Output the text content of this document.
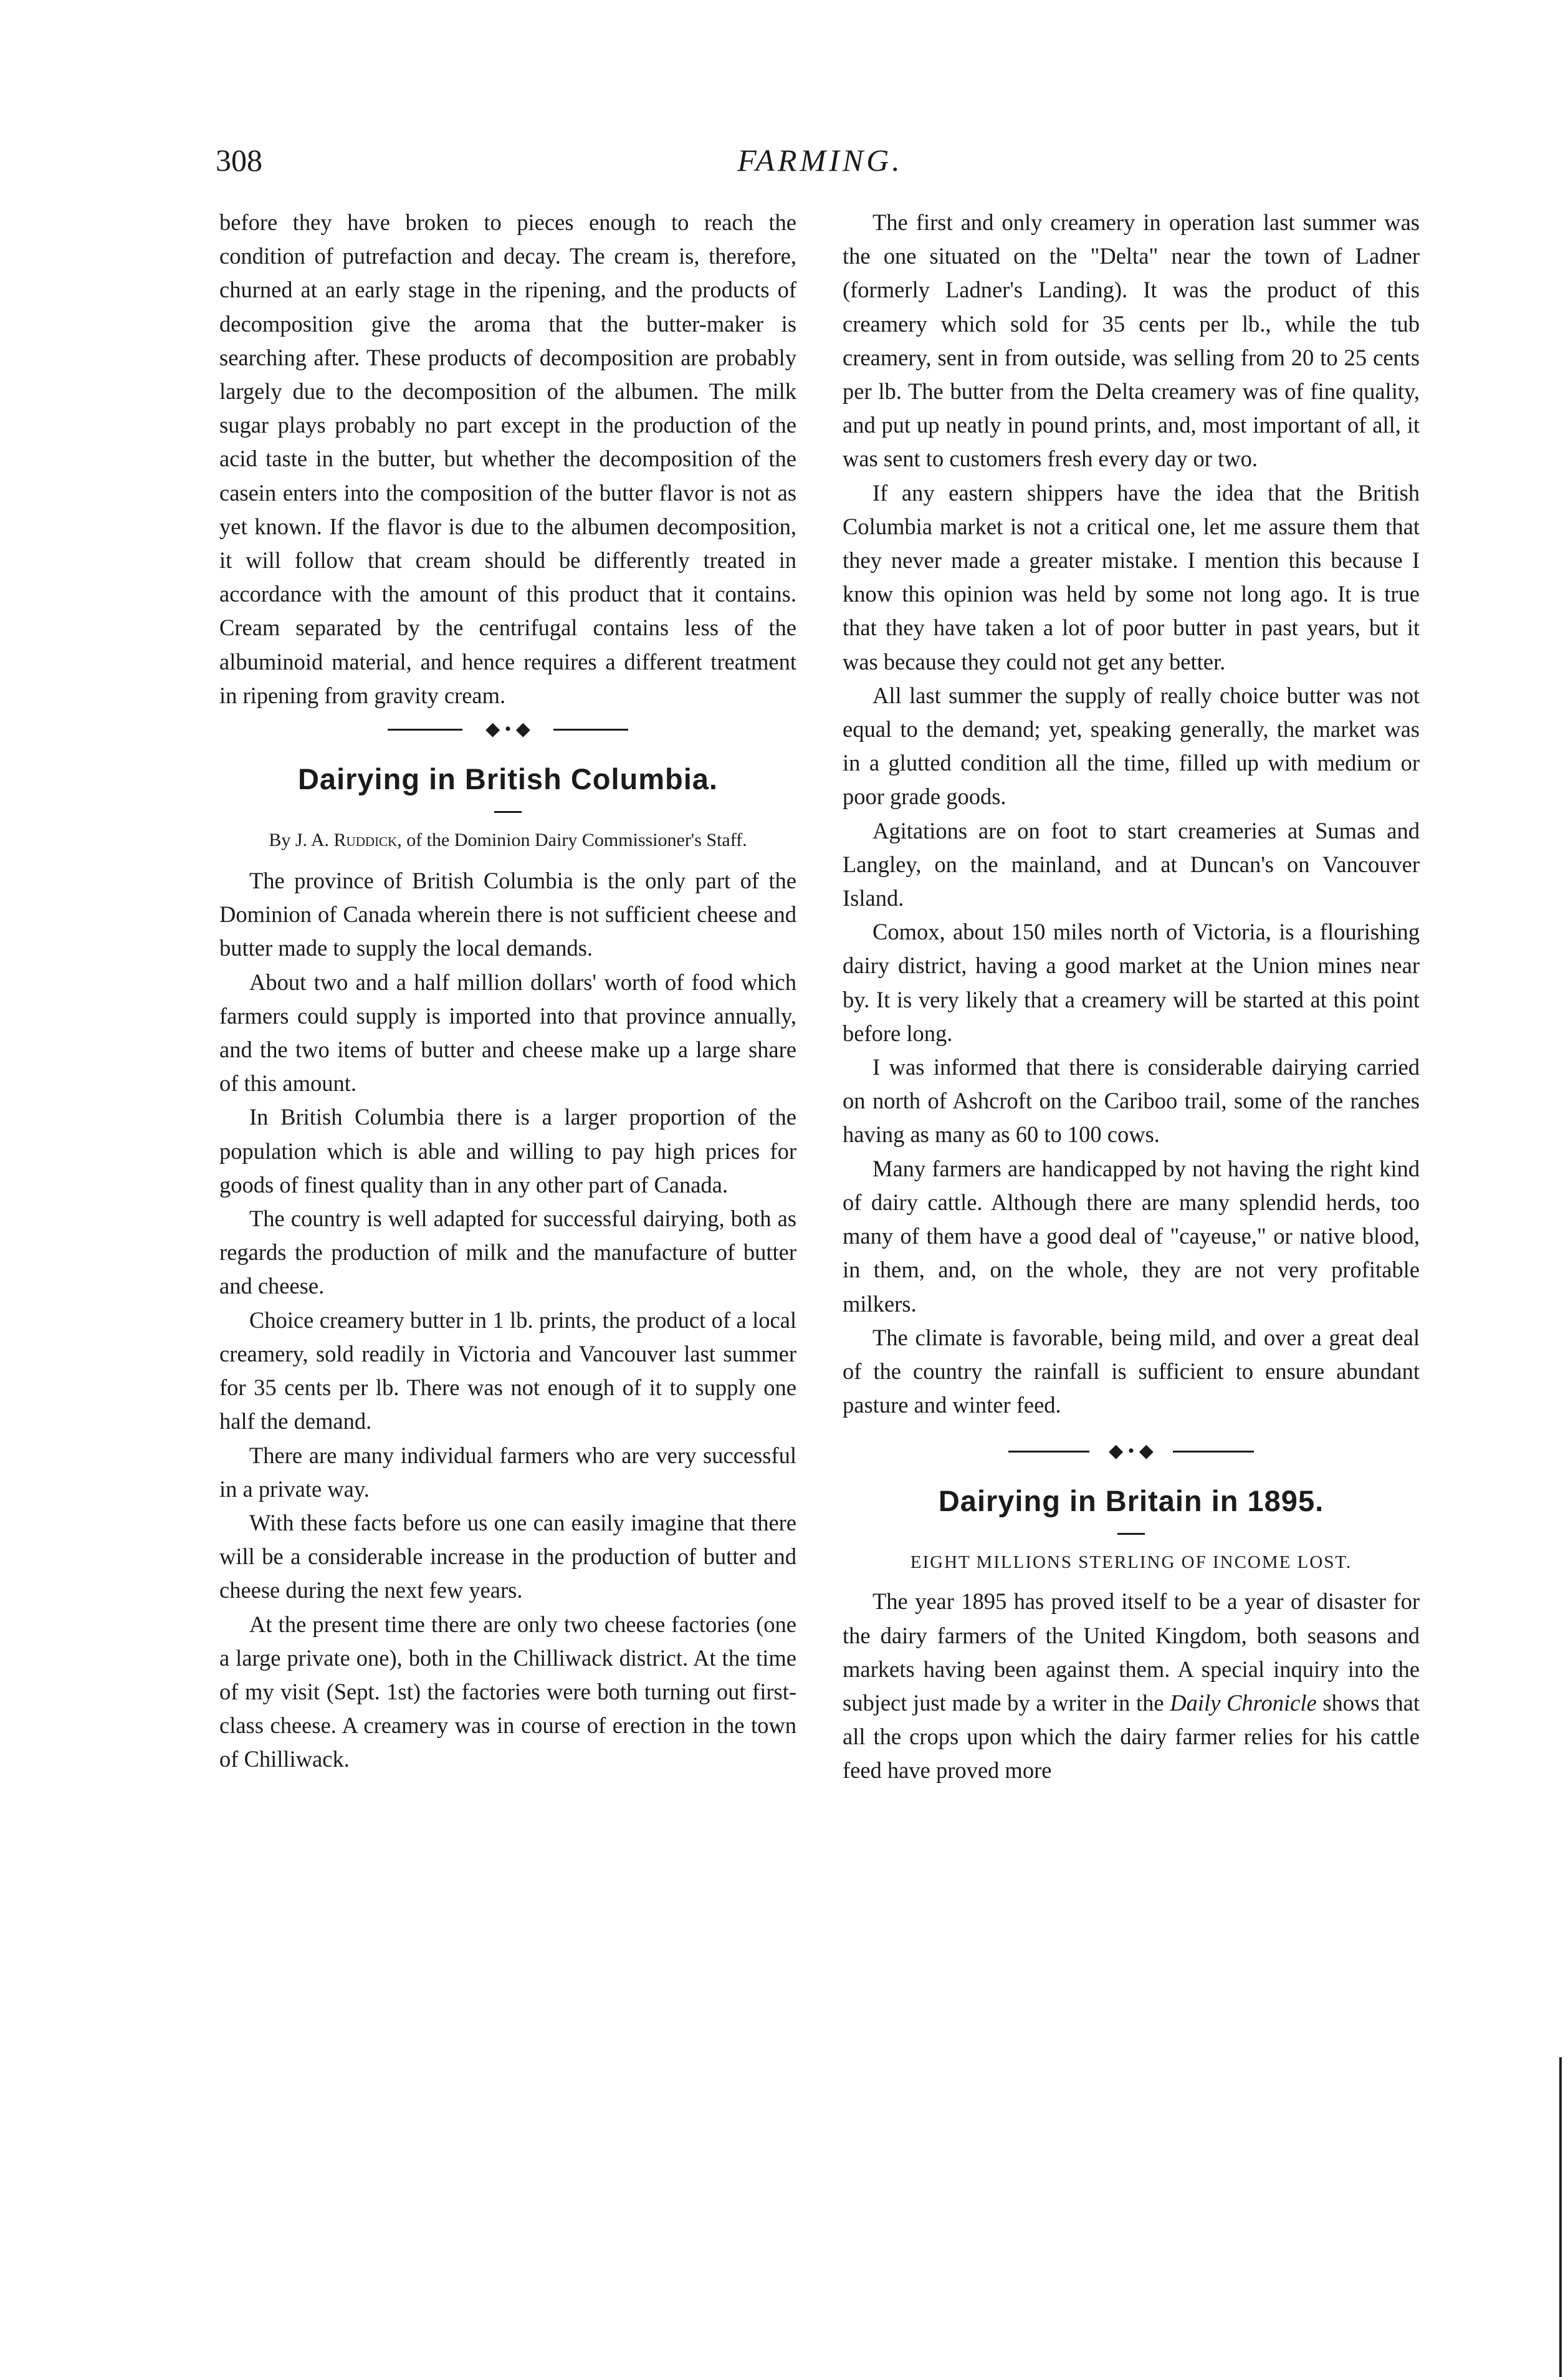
308	FARMING.

before they have broken to pieces enough to reach the condition of putrefaction and decay. The cream is, therefore, churned at an early stage in the ripening, and the products of decomposition give the aroma that the butter-maker is searching after. These products of decomposition are probably largely due to the decomposition of the albumen. The milk sugar plays probably no part except in the production of the acid taste in the butter, but whether the decomposition of the casein enters into the composition of the butter flavor is not as yet known. If the flavor is due to the albumen decomposition, it will follow that cream should be differently treated in accordance with the amount of this product that it contains. Cream separated by the centrifugal contains less of the albuminoid material, and hence requires a different treatment in ripening from gravity cream.

◆ • ◆
Dairying in British Columbia.
By J. A. Ruddick, of the Dominion Dairy Commissioner's Staff.

The province of British Columbia is the only part of the Dominion of Canada wherein there is not sufficient cheese and butter made to supply the local demands.

About two and a half million dollars' worth of food which farmers could supply is imported into that province annually, and the two items of butter and cheese make up a large share of this amount.

In British Columbia there is a larger proportion of the population which is able and willing to pay high prices for goods of finest quality than in any other part of Canada.

The country is well adapted for successful dairying, both as regards the production of milk and the manufacture of butter and cheese.

Choice creamery butter in 1 lb. prints, the product of a local creamery, sold readily in Victoria and Vancouver last summer for 35 cents per lb. There was not enough of it to supply one half the demand.

There are many individual farmers who are very successful in a private way.

With these facts before us one can easily imagine that there will be a considerable increase in the production of butter and cheese during the next few years.

At the present time there are only two cheese factories (one a large private one), both in the Chilliwack district. At the time of my visit (Sept. 1st) the factories were both turning out first-class cheese. A creamery was in course of erection in the town of Chilliwack.

The first and only creamery in operation last summer was the one situated on the "Delta" near the town of Ladner (formerly Ladner's Landing). It was the product of this creamery which sold for 35 cents per lb., while the tub creamery, sent in from outside, was selling from 20 to 25 cents per lb. The butter from the Delta creamery was of fine quality, and put up neatly in pound prints, and, most important of all, it was sent to customers fresh every day or two.

If any eastern shippers have the idea that the British Columbia market is not a critical one, let me assure them that they never made a greater mistake. I mention this because I know this opinion was held by some not long ago. It is true that they have taken a lot of poor butter in past years, but it was because they could not get any better.

All last summer the supply of really choice butter was not equal to the demand; yet, speaking generally, the market was in a glutted condition all the time, filled up with medium or poor grade goods.

Agitations are on foot to start creameries at Sumas and Langley, on the mainland, and at Duncan's on Vancouver Island.

Comox, about 150 miles north of Victoria, is a flourishing dairy district, having a good market at the Union mines near by. It is very likely that a creamery will be started at this point before long.

I was informed that there is considerable dairying carried on north of Ashcroft on the Cariboo trail, some of the ranches having as many as 60 to 100 cows.

Many farmers are handicapped by not having the right kind of dairy cattle. Although there are many splendid herds, too many of them have a good deal of "cayeuse," or native blood, in them, and, on the whole, they are not very profitable milkers.

The climate is favorable, being mild, and over a great deal of the country the rainfall is sufficient to ensure abundant pasture and winter feed.

◆ • ◆
Dairying in Britain in 1895.
EIGHT MILLIONS STERLING OF INCOME LOST.

The year 1895 has proved itself to be a year of disaster for the dairy farmers of the United Kingdom, both seasons and markets having been against them. A special inquiry into the subject just made by a writer in the Daily Chronicle shows that all the crops upon which the dairy farmer relies for his cattle feed have proved more
